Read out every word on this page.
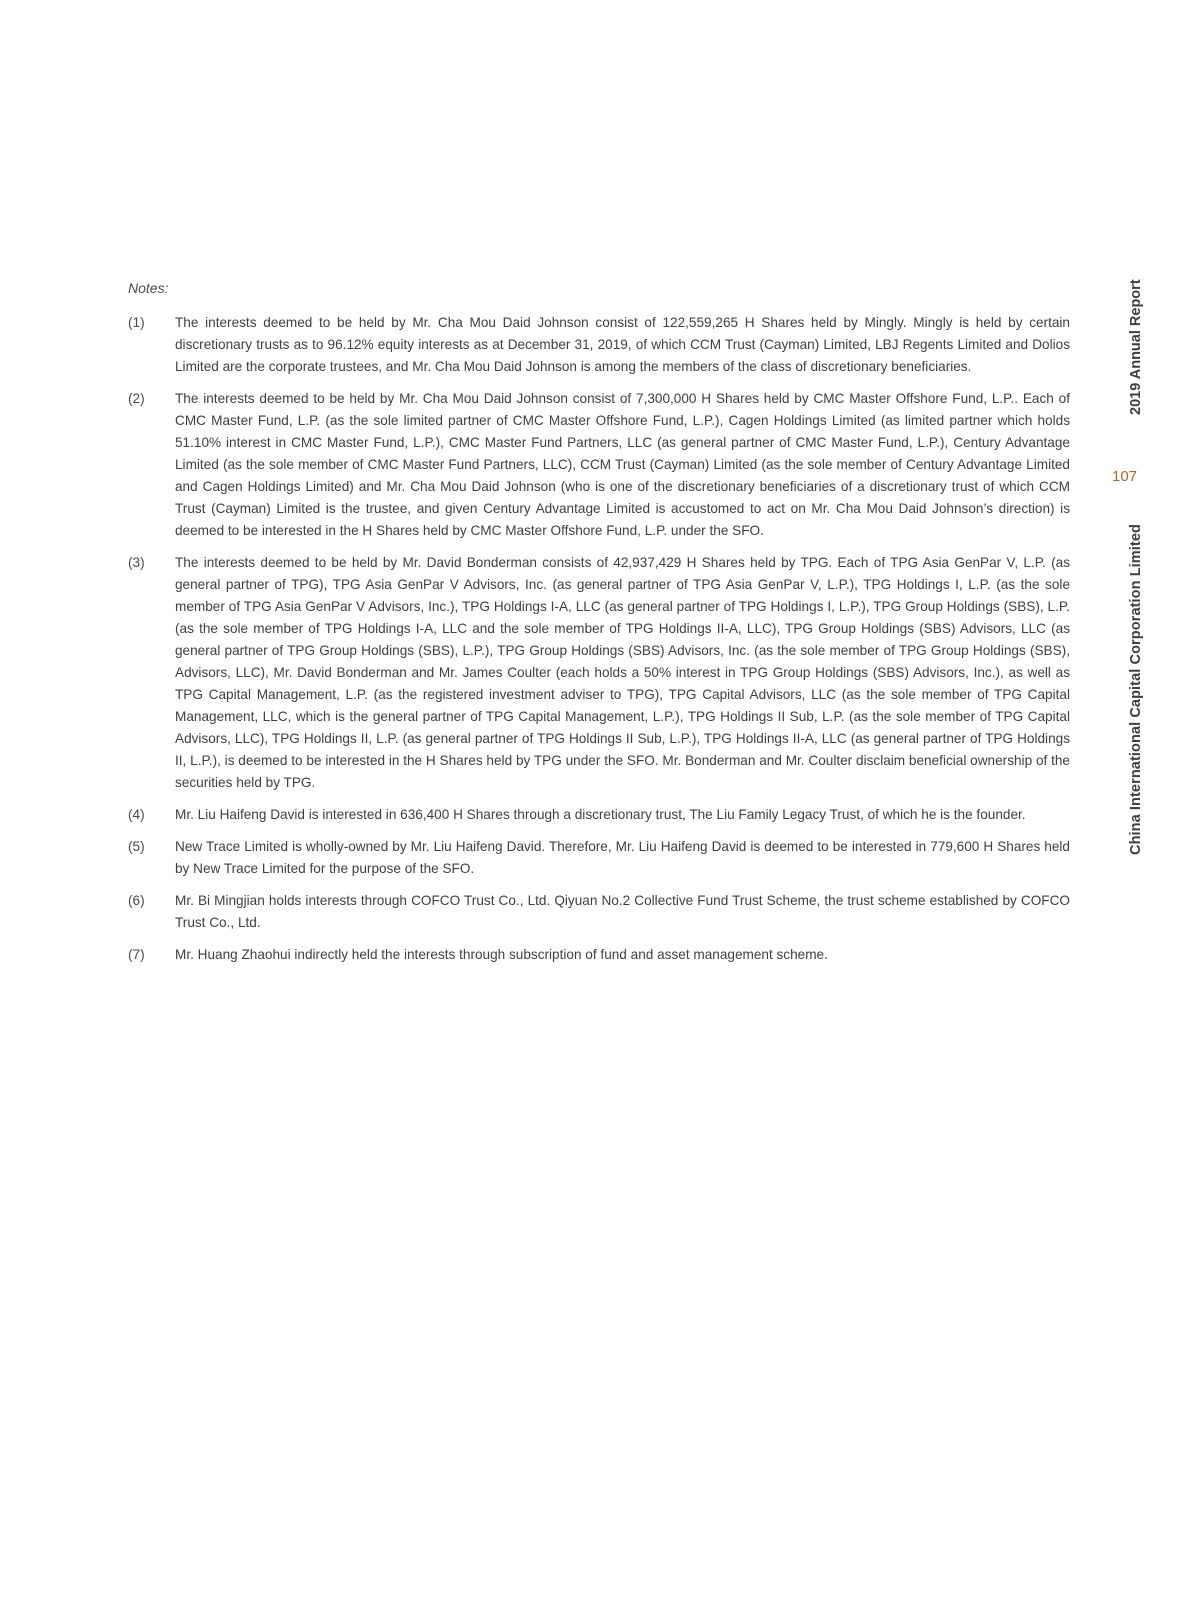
Notes:
(1)	The interests deemed to be held by Mr. Cha Mou Daid Johnson consist of 122,559,265 H Shares held by Mingly. Mingly is held by certain discretionary trusts as to 96.12% equity interests as at December 31, 2019, of which CCM Trust (Cayman) Limited, LBJ Regents Limited and Dolios Limited are the corporate trustees, and Mr. Cha Mou Daid Johnson is among the members of the class of discretionary beneficiaries.
(2)	The interests deemed to be held by Mr. Cha Mou Daid Johnson consist of 7,300,000 H Shares held by CMC Master Offshore Fund, L.P.. Each of CMC Master Fund, L.P. (as the sole limited partner of CMC Master Offshore Fund, L.P.), Cagen Holdings Limited (as limited partner which holds 51.10% interest in CMC Master Fund, L.P.), CMC Master Fund Partners, LLC (as general partner of CMC Master Fund, L.P.), Century Advantage Limited (as the sole member of CMC Master Fund Partners, LLC), CCM Trust (Cayman) Limited (as the sole member of Century Advantage Limited and Cagen Holdings Limited) and Mr. Cha Mou Daid Johnson (who is one of the discretionary beneficiaries of a discretionary trust of which CCM Trust (Cayman) Limited is the trustee, and given Century Advantage Limited is accustomed to act on Mr. Cha Mou Daid Johnson’s direction) is deemed to be interested in the H Shares held by CMC Master Offshore Fund, L.P. under the SFO.
(3)	The interests deemed to be held by Mr. David Bonderman consists of 42,937,429 H Shares held by TPG. Each of TPG Asia GenPar V, L.P. (as general partner of TPG), TPG Asia GenPar V Advisors, Inc. (as general partner of TPG Asia GenPar V, L.P.), TPG Holdings I, L.P. (as the sole member of TPG Asia GenPar V Advisors, Inc.), TPG Holdings I-A, LLC (as general partner of TPG Holdings I, L.P.), TPG Group Holdings (SBS), L.P. (as the sole member of TPG Holdings I-A, LLC and the sole member of TPG Holdings II-A, LLC), TPG Group Holdings (SBS) Advisors, LLC (as general partner of TPG Group Holdings (SBS), L.P.), TPG Group Holdings (SBS) Advisors, Inc. (as the sole member of TPG Group Holdings (SBS), Advisors, LLC), Mr. David Bonderman and Mr. James Coulter (each holds a 50% interest in TPG Group Holdings (SBS) Advisors, Inc.), as well as TPG Capital Management, L.P. (as the registered investment adviser to TPG), TPG Capital Advisors, LLC (as the sole member of TPG Capital Management, LLC, which is the general partner of TPG Capital Management, L.P.), TPG Holdings II Sub, L.P. (as the sole member of TPG Capital Advisors, LLC), TPG Holdings II, L.P. (as general partner of TPG Holdings II Sub, L.P.), TPG Holdings II-A, LLC (as general partner of TPG Holdings II, L.P.), is deemed to be interested in the H Shares held by TPG under the SFO. Mr. Bonderman and Mr. Coulter disclaim beneficial ownership of the securities held by TPG.
(4)	Mr. Liu Haifeng David is interested in 636,400 H Shares through a discretionary trust, The Liu Family Legacy Trust, of which he is the founder.
(5)	New Trace Limited is wholly-owned by Mr. Liu Haifeng David. Therefore, Mr. Liu Haifeng David is deemed to be interested in 779,600 H Shares held by New Trace Limited for the purpose of the SFO.
(6)	Mr. Bi Mingjian holds interests through COFCO Trust Co., Ltd. Qiyuan No.2 Collective Fund Trust Scheme, the trust scheme established by COFCO Trust Co., Ltd.
(7)	Mr. Huang Zhaohui indirectly held the interests through subscription of fund and asset management scheme.
2019 Annual Report
107
China International Capital Corporation Limited
